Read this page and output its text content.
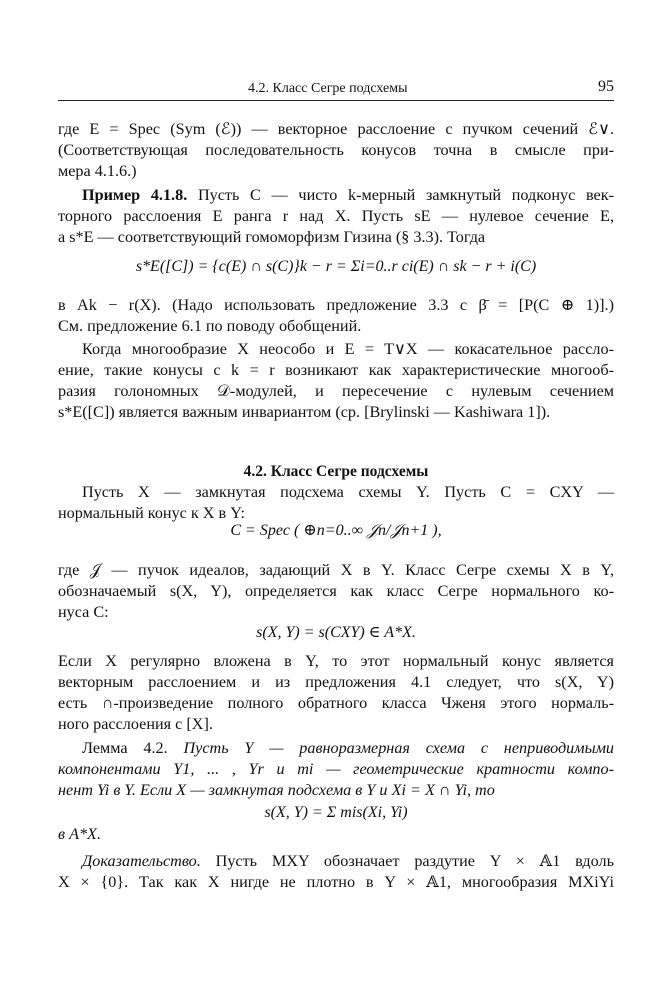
4.2. Класс Сегре подсхемы	95
где E = Spec (Sym (ℰ)) — векторное расслоение с пучком сечений ℰ∨.
(Соответствующая последовательность конусов точна в смысле при-
мера 4.1.6.)
Пример 4.1.8. Пусть C — чисто k-мерный замкнутый подконус век-
торного расслоения E ранга r над X. Пусть sE — нулевое сечение E,
а s*E — соответствующий гомоморфизм Гизина (§ 3.3). Тогда
s*E([C]) = {c(E) ∩ s(C)}k − r = Σi=0..r ci(E) ∩ sk − r + i(C)
в Ak − r(X). (Надо использовать предложение 3.3 с β̄ = [P(C ⊕ 1)].)
См. предложение 6.1 по поводу обобщений.
Когда многообразие X неособо и E = T∨X — кокасательное рассло-
ение, такие конусы с k = r возникают как характеристические многооб-
разия голономных 𝒟-модулей, и пересечение с нулевым сечением
s*E([C]) является важным инвариантом (ср. [Brylinski — Kashiwara 1]).
4.2. Класс Сегре подсхемы
Пусть X — замкнутая подсхема схемы Y. Пусть C = CXY —
нормальный конус к X в Y:
C = Spec ( ⊕n=0..∞ 𝒥n/𝒥n+1 ),
где 𝒥 — пучок идеалов, задающий X в Y. Класс Сегре схемы X в Y,
обозначаемый s(X, Y), определяется как класс Сегре нормального ко-
нуса C:
s(X, Y) = s(CXY) ∈ A*X.
Если X регулярно вложена в Y, то этот нормальный конус является
векторным расслоением и из предложения 4.1 следует, что s(X, Y)
есть ∩-произведение полного обратного класса Чженя этого нормаль-
ного расслоения с [X].
Лемма 4.2. Пусть Y — равноразмерная схема с неприводимыми
компонентами Y1, ... , Yr и mi — геометрические кратности компо-
нент Yi в Y. Если X — замкнутая подсхема в Y и Xi = X ∩ Yi, то
s(X, Y) = Σ mis(Xi, Yi)
в A*X.
Доказательство. Пусть MXY обозначает раздутие Y × 𝔸1 вдоль
X × {0}. Так как X нигде не плотно в Y × 𝔸1, многообразия MXiYi
